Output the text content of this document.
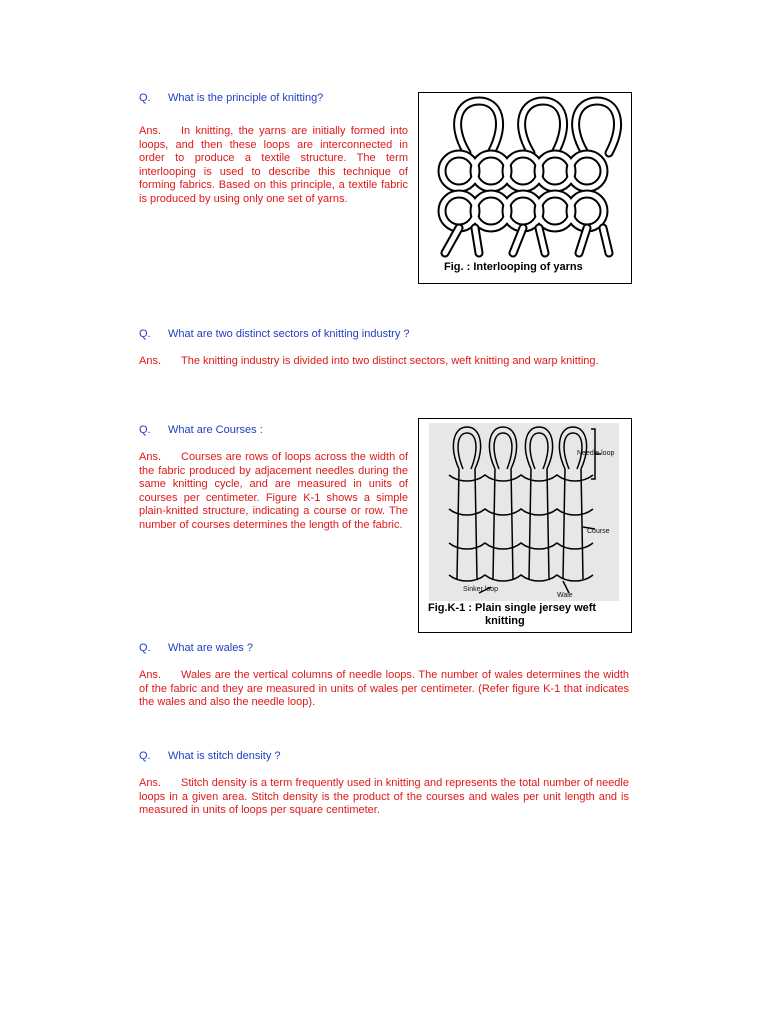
Q. What is the principle of knitting?
Ans. In knitting, the yarns are initially formed into loops, and then these loops are interconnected in order to produce a textile structure. The term interlooping is used to describe this technique of forming fabrics. Based on this principle, a textile fabric is produced by using only one set of yarns.
Fig. : Interlooping of yarns
Q. What are two distinct sectors of knitting industry ?
Ans. The knitting industry is divided into two distinct sectors, weft knitting and warp knitting.
Q. What are Courses :
Ans. Courses are rows of loops across the width of the fabric produced by adjacement needles during the same knitting cycle, and are measured in units of courses per centimeter. Figure K-1 shows a simple plain-knitted structure, indicating a course or row. The number of courses determines the length of the fabric.
Needle loop
Course
Sinker loop
Wale
Fig.K-1 : Plain single jersey weft
knitting
Q. What are wales ?
Ans. Wales are the vertical columns of needle loops. The number of wales determines the width of the fabric and they are measured in units of wales per centimeter. (Refer figure K-1 that indicates the wales and also the needle loop).
Q. What is stitch density ?
Ans. Stitch density is a term frequently used in knitting and represents the total number of needle loops in a given area. Stitch density is the product of the courses and wales per unit length and is measured in units of loops per square centimeter.
